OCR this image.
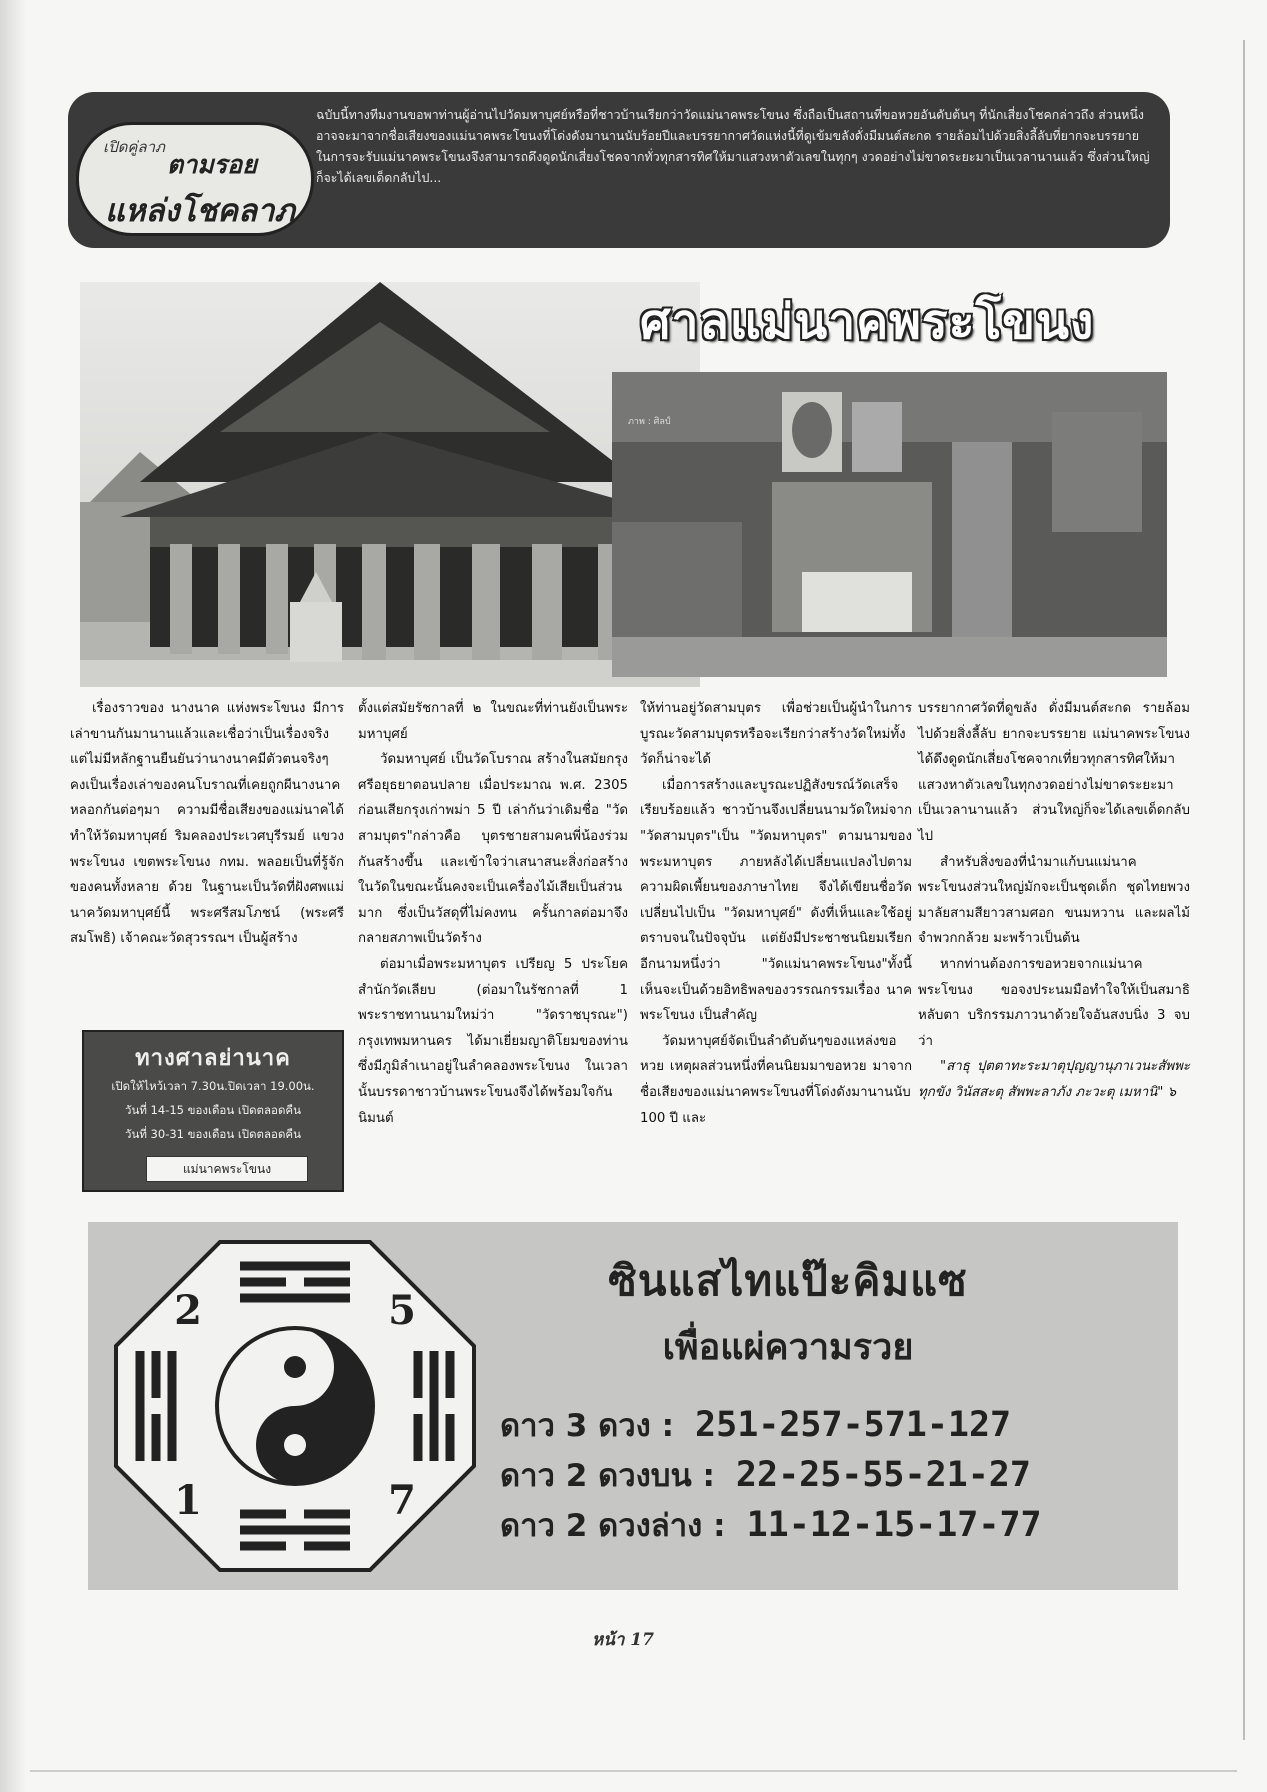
เปิดคู่ลาภ
ตามรอย
แหล่งโชคลาภ
ฉบับนี้ทางทีมงานขอพาท่านผู้อ่านไปวัดมหาบุศย์หรือที่ชาวบ้านเรียกว่าวัดแม่นาคพระโขนง ซึ่งถือเป็นสถานที่ขอหวยอันดับต้นๆ ที่นักเสี่ยงโชคกล่าวถึง ส่วนหนึ่งอาจจะมาจากชื่อเสียงของแม่นาคพระโขนงที่โด่งดังมานานนับร้อยปีและบรรยากาศวัดแห่งนี้ที่ดูเข้มขลังดั่งมีมนต์สะกด รายล้อมไปด้วยสิ่งลี้ลับที่ยากจะบรรยาย ในการจะรับแม่นาคพระโขนงจึงสามารถดึงดูดนักเสี่ยงโชคจากทั่วทุกสารทิศให้มาแสวงหาตัวเลขในทุกๆ งวดอย่างไม่ขาดระยะมาเป็นเวลานานแล้ว ซึ่งส่วนใหญ่ก็จะได้เลขเด็ดกลับไป...
ศาลแม่นาคพระโขนง

เรื่องราวของ นางนาค แห่งพระโขนง มีการเล่าขานกันมานานแล้วและเชื่อว่าเป็นเรื่องจริง แต่ไม่มีหลักฐานยืนยันว่านางนาคมีตัวตนจริงๆ คงเป็นเรื่องเล่าของคนโบราณที่เคยถูกผีนางนาคหลอกกันต่อๆมา ความมีชื่อเสียงของแม่นาคได้ทำให้วัดมหาบุศย์ ริมคลองประเวศบุรีรมย์ แขวงพระโขนง เขตพระโขนง กทม. พลอยเป็นที่รู้จักของคนทั้งหลาย ด้วย ในฐานะเป็นวัดที่ฝังศพแม่นาควัดมหาบุศย์นี้ พระศรีสมโภชน์ (พระศรีสมโพธิ) เจ้าคณะวัดสุวรรณฯ เป็นผู้สร้าง

ตั้งแต่สมัยรัชกาลที่ ๒ ในขณะที่ท่านยังเป็นพระมหาบุศย์

วัดมหาบุศย์ เป็นวัดโบราณ สร้างในสมัยกรุงศรีอยุธยาตอนปลาย เมื่อประมาณ พ.ศ. 2305 ก่อนเสียกรุงเก่าพม่า 5 ปี เล่ากันว่าเดิมชื่อ "วัดสามบุตร"กล่าวคือ บุตรชายสามคนพี่น้องร่วมกันสร้างขึ้น และเข้าใจว่าเสนาสนะสิ่งก่อสร้างในวัดในขณะนั้นคงจะเป็นเครื่องไม้เสียเป็นส่วนมาก ซึ่งเป็นวัสดุที่ไม่คงทน ครั้นกาลต่อมาจึงกลายสภาพเป็นวัดร้าง

ต่อมาเมื่อพระมหาบุตร เปรียญ 5 ประโยค สำนักวัดเลียบ (ต่อมาในรัชกาลที่ 1 พระราชทานนามใหม่ว่า "วัดราชบุรณะ") กรุงเทพมหานคร ได้มาเยี่ยมญาติโยมของท่านซึ่งมีภูมิลำเนาอยู่ในลำคลองพระโขนง ในเวลานั้นบรรดาชาวบ้านพระโขนงจึงได้พร้อมใจกันนิมนต์

ให้ท่านอยู่วัดสามบุตร เพื่อช่วยเป็นผู้นำในการบูรณะวัดสามบุตรหรือจะเรียกว่าสร้างวัดใหม่ทั้งวัดก็น่าจะได้

เมื่อการสร้างและบูรณะปฏิสังขรณ์วัดเสร็จเรียบร้อยแล้ว ชาวบ้านจึงเปลี่ยนนามวัดใหม่จาก "วัดสามบุตร"เป็น "วัดมหาบุตร" ตามนามของพระมหาบุตร ภายหลังได้เปลี่ยนแปลงไปตามความผิดเพี้ยนของภาษาไทย จึงได้เขียนชื่อวัดเปลี่ยนไปเป็น "วัดมหาบุศย์" ดังที่เห็นและใช้อยู่ตราบจนในปัจจุบัน แต่ยังมีประชาชนนิยมเรียกอีกนามหนึ่งว่า "วัดแม่นาคพระโขนง"ทั้งนี้เห็นจะเป็นด้วยอิทธิพลของวรรณกรรมเรื่อง นาคพระโขนง เป็นสำคัญ

วัดมหาบุศย์จัดเป็นลำดับต้นๆของแหล่งขอหวย เหตุผลส่วนหนึ่งที่คนนิยมมาขอหวย มาจากชื่อเสียงของแม่นาคพระโขนงที่โด่งดังมานานนับ 100 ปี และ

บรรยากาศวัดที่ดูขลัง ดั่งมีมนต์สะกด รายล้อมไปด้วยสิ่งลี้ลับ ยากจะบรรยาย แม่นาคพระโขนงได้ดึงดูดนักเสี่ยงโชคจากเที่ยวทุกสารทิศให้มาแสวงหาตัวเลขในทุกงวดอย่างไม่ขาดระยะมาเป็นเวลานานแล้ว ส่วนใหญ่ก็จะได้เลขเด็ดกลับไป

สำหรับสิ่งของที่นำมาแก้บนแม่นาคพระโขนงส่วนใหญ่มักจะเป็นชุดเด็ก ชุดไทยพวงมาลัยสามสียาวสามศอก ขนมหวาน และผลไม้จำพวกกล้วย มะพร้าวเป็นต้น

หากท่านต้องการขอหวยจากแม่นาคพระโขนง ขอจงประนมมือทำใจให้เป็นสมาธิ หลับตา บริกรรมภาวนาด้วยใจอันสงบนิ่ง 3 จบว่า

"สาธุ ปุตตาทะระมาตุปุญญานุภาเวนะสัพพะ ทุกขัง วินัสสะตุ สัพพะลาภัง ภะวะตุ เมหานิ" ๖

ทางศาลย่านาค
เปิดให้ไหว้เวลา 7.30น.ปิดเวลา 19.00น.
วันที่ 14-15 ของเดือน เปิดตลอดคืน
วันที่ 30-31 ของเดือน เปิดตลอดคืน
แม่นาคพระโขนง
2	5
1	7
ซินแสไทแป๊ะคิมแซ
เพื่อแผ่ความรวย
ดาว 3 ดวง : 251-257-571-127
ดาว 2 ดวงบน : 22-25-55-21-27
ดาว 2 ดวงล่าง : 11-12-15-17-77
หน้า 17
ภาพ : ศิลป์
